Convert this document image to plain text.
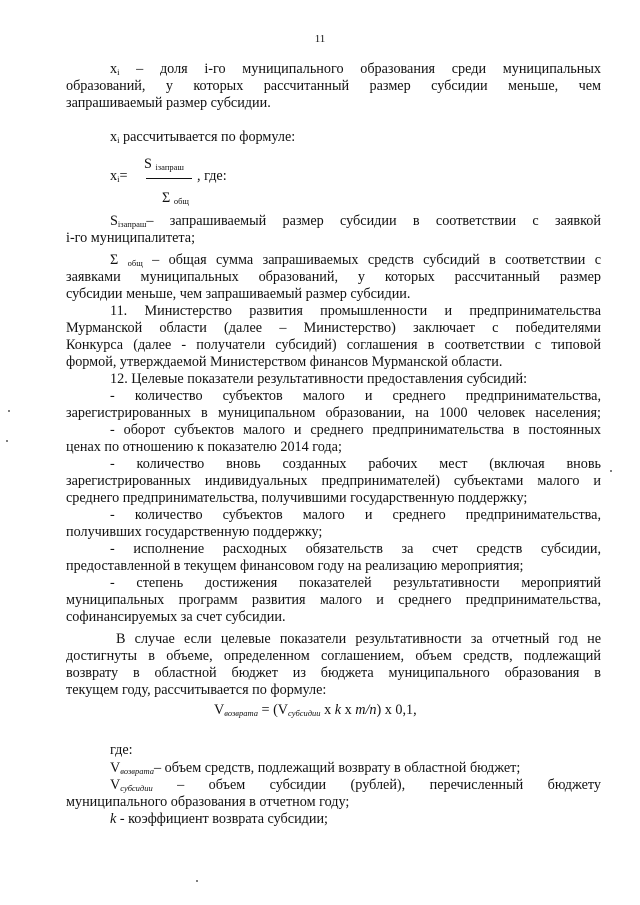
11
$x_i$ – доля i-го муниципального образования среди муниципальных
образований, у которых рассчитанный размер субсидии меньше, чем
запрашиваемый размер субсидии.
$x_i$ рассчитывается по формуле:
S $_{iзапраш}$
$x_i=$	, где:
Σ $_{общ}$
$S_{iзапраш}-$ запрашиваемый размер субсидии в соответствии с заявкой
i-го муниципалитета;
Σ $_{общ}$ – общая сумма запрашиваемых средств субсидий в соответствии с
заявками муниципальных образований, у которых рассчитанный размер
субсидии меньше, чем запрашиваемый размер субсидии.
11. Министерство развития промышленности и предпринимательства
Мурманской области (далее – Министерство) заключает с победителями
Конкурса (далее - получатели субсидий) соглашения в соответствии с типовой
формой, утверждаемой Министерством финансов Мурманской области.
12. Целевые показатели результативности предоставления субсидий:
- количество субъектов малого и среднего предпринимательства,
зарегистрированных в муниципальном образовании, на 1000 человек населения;
- оборот субъектов малого и среднего предпринимательства в постоянных
ценах по отношению к показателю 2014 года;
- количество вновь созданных рабочих мест (включая вновь
зарегистрированных индивидуальных предпринимателей) субъектами малого и
среднего предпринимательства, получившими государственную поддержку;
- количество субъектов малого и среднего предпринимательства,
получивших государственную поддержку;
- исполнение расходных обязательств за счет средств субсидии,
предоставленной в текущем финансовом году на реализацию мероприятия;
- степень достижения показателей результативности мероприятий
муниципальных программ развития малого и среднего предпринимательства,
софинансируемых за счет субсидии.
В случае если целевые показатели результативности за отчетный год не
достигнуты в объеме, определенном соглашением, объем средств, подлежащий
возврату в областной бюджет из бюджета муниципального образования в
текущем году, рассчитывается по формуле:
$V_{возврата} = (V_{субсидии}$ х k х m/n) х 0,1,
где:
$V_{возврата}-$ объем средств, подлежащий возврату в областной бюджет;
$V_{субсидии}$ – объем субсидии (рублей), перечисленный бюджету
муниципального образования в отчетном году;
k - коэффициент возврата субсидии;
